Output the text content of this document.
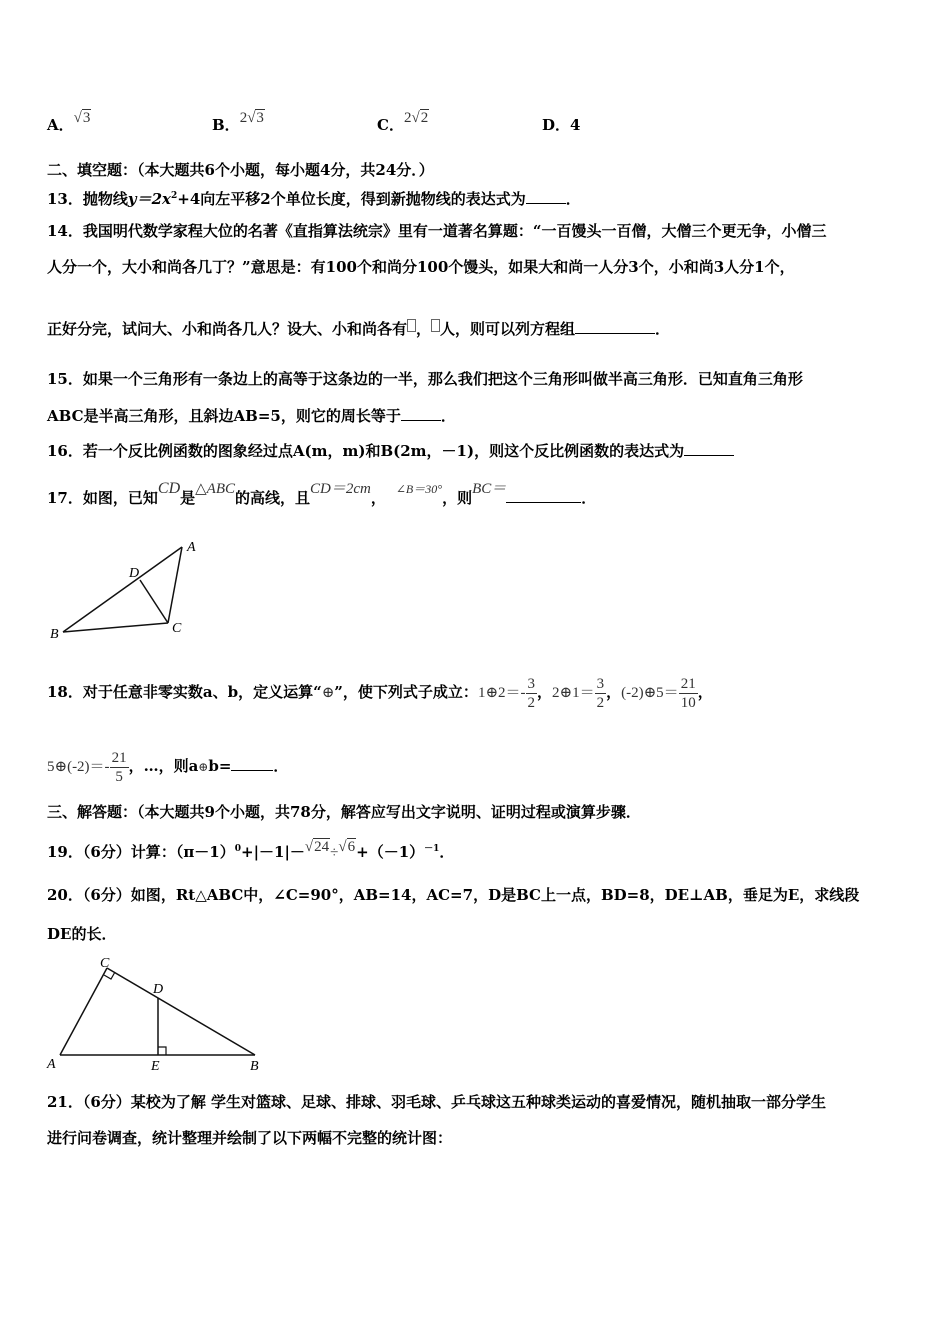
A．√3	B．2√3	C．2√2	D．4
二、填空题：（本大题共6个小题，每小题4分，共24分．）
13．抛物线$y=2x^2+4$向左平移2个单位长度，得到新抛物线的表达式为	．
14．我国明代数学家程大位的名著《直指算法统宗》里有一道著名算题：“一百馒头一百僧，大僧三个更无争，小僧三
人分一个，大小和尚各几丁？”意思是：有100个和尚分100个馒头，如果大和尚一人分3个，小和尚3人分1个，
正好分完，试问大、小和尚各几人？设大、小和尚各有 ， 人，则可以列方程组	．
15．如果一个三角形有一条边上的高等于这条边的一半，那么我们把这个三角形叫做半高三角形．已知直角三角形
ABC是半高三角形，且斜边AB=5，则它的周长等于	．
16．若一个反比例函数的图象经过点A(m，m)和B(2m，－1)，则这个反比例函数的表达式为
17．如图，已知CD是△ABC的高线，且CD＝2cm， $^{\angle B=30^\circ}$，则BC＝	．
A
B	C
D
18．对于任意非零实数a、b，定义运算“⊕”，使下列式子成立：1⊕2＝- $\frac{3}{2}$ ，2⊕1＝ $\frac{3}{2}$ ，(-2)⊕5＝ $\frac{21}{10}$ ，
5⊕(-2)＝- $\frac{21}{5}$ ，…，则a⊕b=	．
三、解答题：（本大题共9个小题，共78分，解答应写出文字说明、证明过程或演算步骤．
19．（6分）计算：$(\pi-1)^0+|-1|-√24\div√6+(-1)^{-1}$．
20．（6分）如图，Rt△ABC中，∠C=90°，AB=14，AC=7，D是BC上一点，BD=8，DE⊥AB，垂足为E，求线段
DE的长．
A	B
C
D
E
21．（6分）某校为了解 学生对篮球、足球、排球、羽毛球、乒乓球这五种球类运动的喜爱情况，随机抽取一部分学生
进行问卷调查，统计整理并绘制了以下两幅不完整的统计图：
